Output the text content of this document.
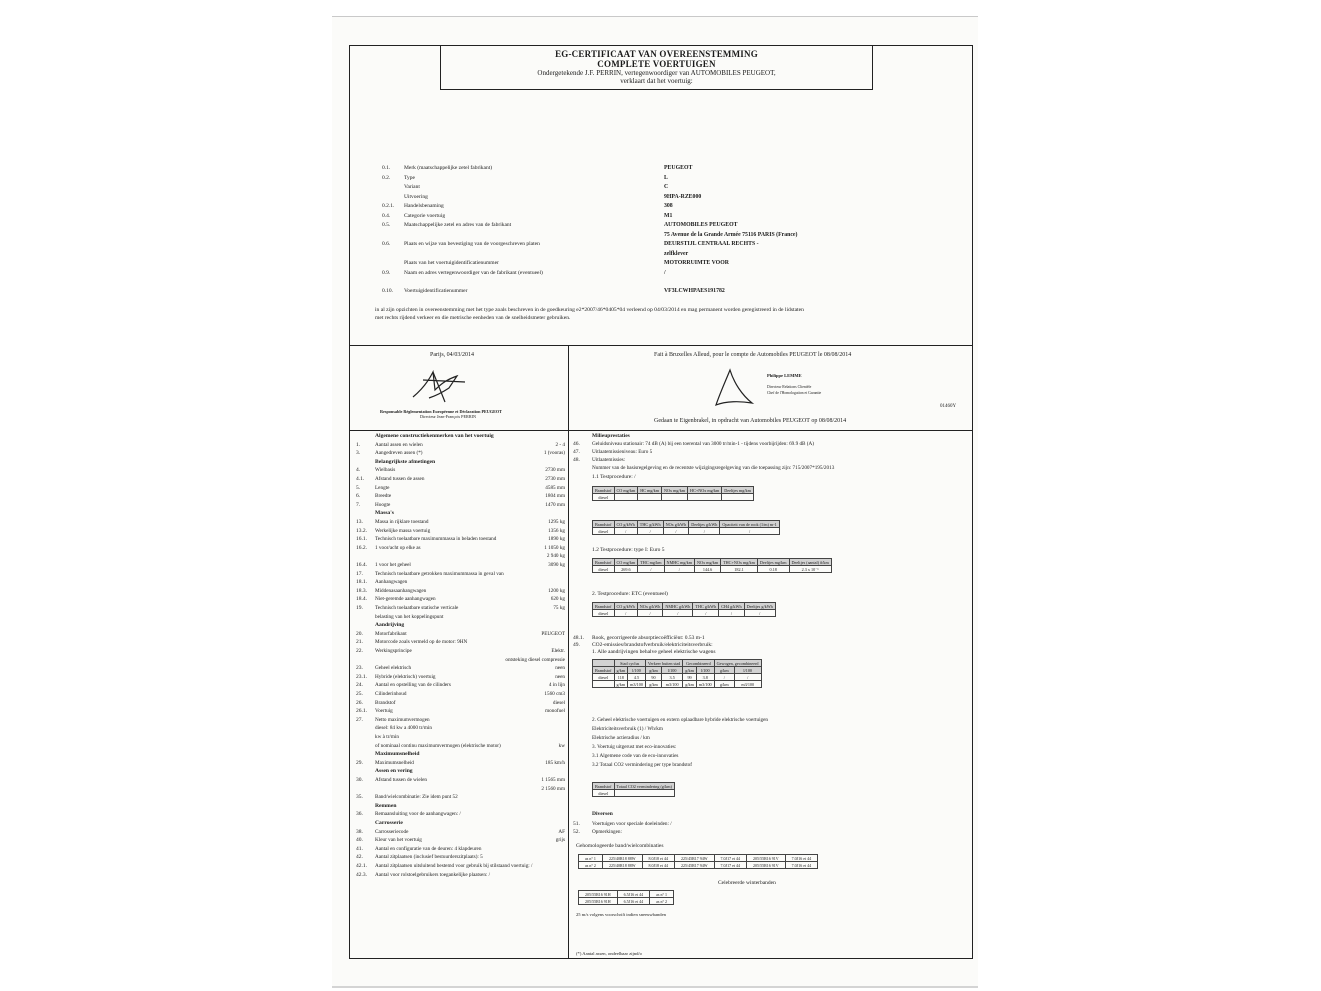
EG-CERTIFICAAT VAN OVEREENSTEMMING
COMPLETE VOERTUIGEN
Ondergetekende J.F. PERRIN, vertegenwoordiger van AUTOMOBILES PEUGEOT,
verklaart dat het voertuig:
0.1.	Merk (maatschappelijke zetel fabrikant)	PEUGEOT
0.2.	Type	L
Variant	C
Uitvoering	9HPA-RZE000
0.2.1. Handelsbenaming	308
0.4.	Categorie voertuig	M1
0.5.	Maatschappelijke zetel en adres van de fabrikant	AUTOMOBILES PEUGEOT
75 Avenue de la Grande Armée 75116 PARIS (France)
0.6.	Plaats en wijze van bevestiging van de voorgeschreven platen	DEURSTIJL CENTRAAL RECHTS -
zelfklever
Plaats van het voertuigidentificatienummer	MOTORRUIMTE VOOR
0.9.	Naam en adres vertegenwoordiger van de fabrikant (eventueel)	/
0.10. Voertuigidentificatienummer	VF3LCWHPAES191782
in al zijn opzichten in overeenstemming met het type zoals beschreven in de goedkeuring e2*2007/46*0405*04 verleend op 04/03/2014 en mag permanent worden geregistreerd in de lidstaten
met rechts rijdend verkeer en die metrische eenheden van de snelheidsmeter gebruiken.
Parijs, 04/03/2014
Responsable Réglementation Européenne et Déclaration PEUGEOT
Directeur Jean-François PERRIN
Fait à Bruxelles Alleud, pour le compte de Automobiles PEUGEOT le 08/08/2014
Philippe LEMME
Directeur Relations Clientèle
Chef de l'Homologation et Garantie
01460Y
Gedaan te Eigenbrakel, in opdracht van Automobiles PEUGEOT op 08/08/2014
Algemene constructiekenmerken van het voertuig
1.	Aantal assen en wielen	2 - 4
3.	Aangedreven assen (*)	1 (vooras)
Belangrijkste afmetingen
4.	Wielbasis	2730 mm
4.1. Afstand tussen de assen	2730 mm
5.	Lengte	4585 mm
6.	Breedte	1804 mm
7.	Hoogte	1470 mm
Massa's
13. Massa in rijklare toestand	1295 kg
13.2. Werkelijke massa voertuig	1356 kg
16.1. Technisch toelaatbare maximummassa in beladen toestand	1890 kg
16.2. 1 voor/acht op elke as	1 1050 kg
2 940 kg
16.4. 1 voor het geheel	3090 kg
17. Technisch toelaatbare getrokken maximummassa in geval van
18.1. Aanhangwagen
18.3. Middenasaanhangwagen	1200 kg
18.4. Niet-geremde aanhangwagen	620 kg
19. Technisch toelaatbare statische verticale	75 kg
belasting van het koppelingspunt
Aandrijving
20. Motorfabrikant	PEUGEOT
21. Motorcode zoals vermeld op de motor: 9HN
22. Werkingsprincipe	Elektr.
ontsteking diesel compressie
23. Geheel elektrisch	neen
23.1. Hybride (elektrisch) voertuig	neen
24. Aantal en opstelling van de cilinders	4 in lijn
25. Cilinderinhoud	1560 cm3
26. Brandstof	diesel
26.1. Voertuig	monofuel
27. Netto maximumvermogen
diesel: 84 kw a 4000 tr/min
kw à tr/min
of nominaal continu maximumvermogen (elektrische motor)	kw
Maximumsnelheid
29. Maximumsnelheid	185 km/h
Assen en vering
30. Afstand tussen de wielen	1 1565 mm
2 1560 mm
35. Band/wielcombinatie: Zie idem punt 52
Remmen
36. Remaansluiting voor de aanhangwagen: /
Carrosserie
38. Carrosseriecode	AF
40. Kleur van het voertuig	grijs
41. Aantal en configuratie van de deuren: 4 klapdeuren
42. Aantal zitplaatsen (inclusief bestuurderszitplaats): 5
42.1. Aantal zitplaatsen uitsluitend bestemd voor gebruik bij stilstaand voertuig: /
42.3. Aantal voor rolstoelgebruikers toegankelijke plaatsen: /
Milieuprestaties
46. Geluidsniveau stationair: 74 dB (A) bij een toerental van 3000 tr/min-1 - tijdens voorbijrijden: 69.9 dB (A)
47. Uitlaatemissieniveau: Euro 5
48. Uitlaatemissies:
Nummer van de basisregelgeving en de recentste wijzigingsregelgeving van die toepassing zijn: 715/2007*195/2013
1.1 Testprocedure: /
Brandstof	CO mg/km	HC mg/km	NOx mg/km	HC+NOx mg/km	Deeltjes mg/km
diesel					
Brandstof	CO g/kWh	THC g/kWh	NOx g/kWh	Deeltjes g/kWh	Opaciteit van de rook (1/m) m-1
diesel	/	/	/	/	/
1.2 Testprocedure: type I: Euro 5
Brandstof	CO mg/km	THC mg/km	NMHC mg/km	NOx mg/km	THC+NOx mg/km	Deeltjes mg/km	Deeltjes (aantal) #/km
diesel	269.6	/	/	144.6	182.1	0.18	2.3 x 10⁻¹
2. Testprocedure: ETC (eventueel)
Brandstof	CO g/kWh	NOx g/kWh	NMHC g/kWh	THC g/kWh	CH4 g/kWh	Deeltjes g/kWh
diesel	/	/	/	/	/	/
48.1. Rook, gecorrigeerde absorptiecoëfficiënt: 0.53 m-1
49. CO2-emissies/brandstofverbruik/elektriciteitsverbruik:
1. Alle aandrijvingen behalve geheel elektrische wagens
	Stad cyclus		Verkeer buiten stad		Gecombineerd		Gewogen, gecombineerd	
Brandstof	g/km	l/100	g/km	l/100	g/km	l/100	g/km	l/100
diesel	118	4.5	90	3.5	99	3.8	/	/
	g/km	m3/100	g/km	m3/100	g/km	m3/100	g/km	m3/100
2. Geheel elektrische voertuigen en extern oplaadbare hybride elektrische voertuigen
Elektriciteitsverbruik (1) / Wh/km
Elektrische actieradius / km
3. Voertuig uitgerust met eco-innovaties:
3.1 Algemene code van de eco-innovaties
3.2 Totaal CO2 vermindering per type brandstof
Brandstof	Totaal CO2 vermindering (g/km)
diesel	
Diversen
51. Voertuigen voor speciale doeleinden: /
52. Opmerkingen:
Gehomologeerde band/wielcombinaties
as n° 1	225/40R18 88W	8.0J18 et 44	225/45R17 94W	7.0J17 et 44	205/55R16 91V	7.0J16 et 44
as n° 2	225/40R18 88W	8.0J18 et 44	225/45R17 94W	7.0J17 et 44	205/55R16 91V	7.0J16 et 44
Celebreerde winterbanden
205/55R16 91H	6.5J16 et 44	as n° 1
205/55R16 91H	6.5J16 et 44	as n° 2
25 m/s volgens voorschrift indien sneeuwbanden
(*) Aantal assen, ondeelbaar zijnd/o
